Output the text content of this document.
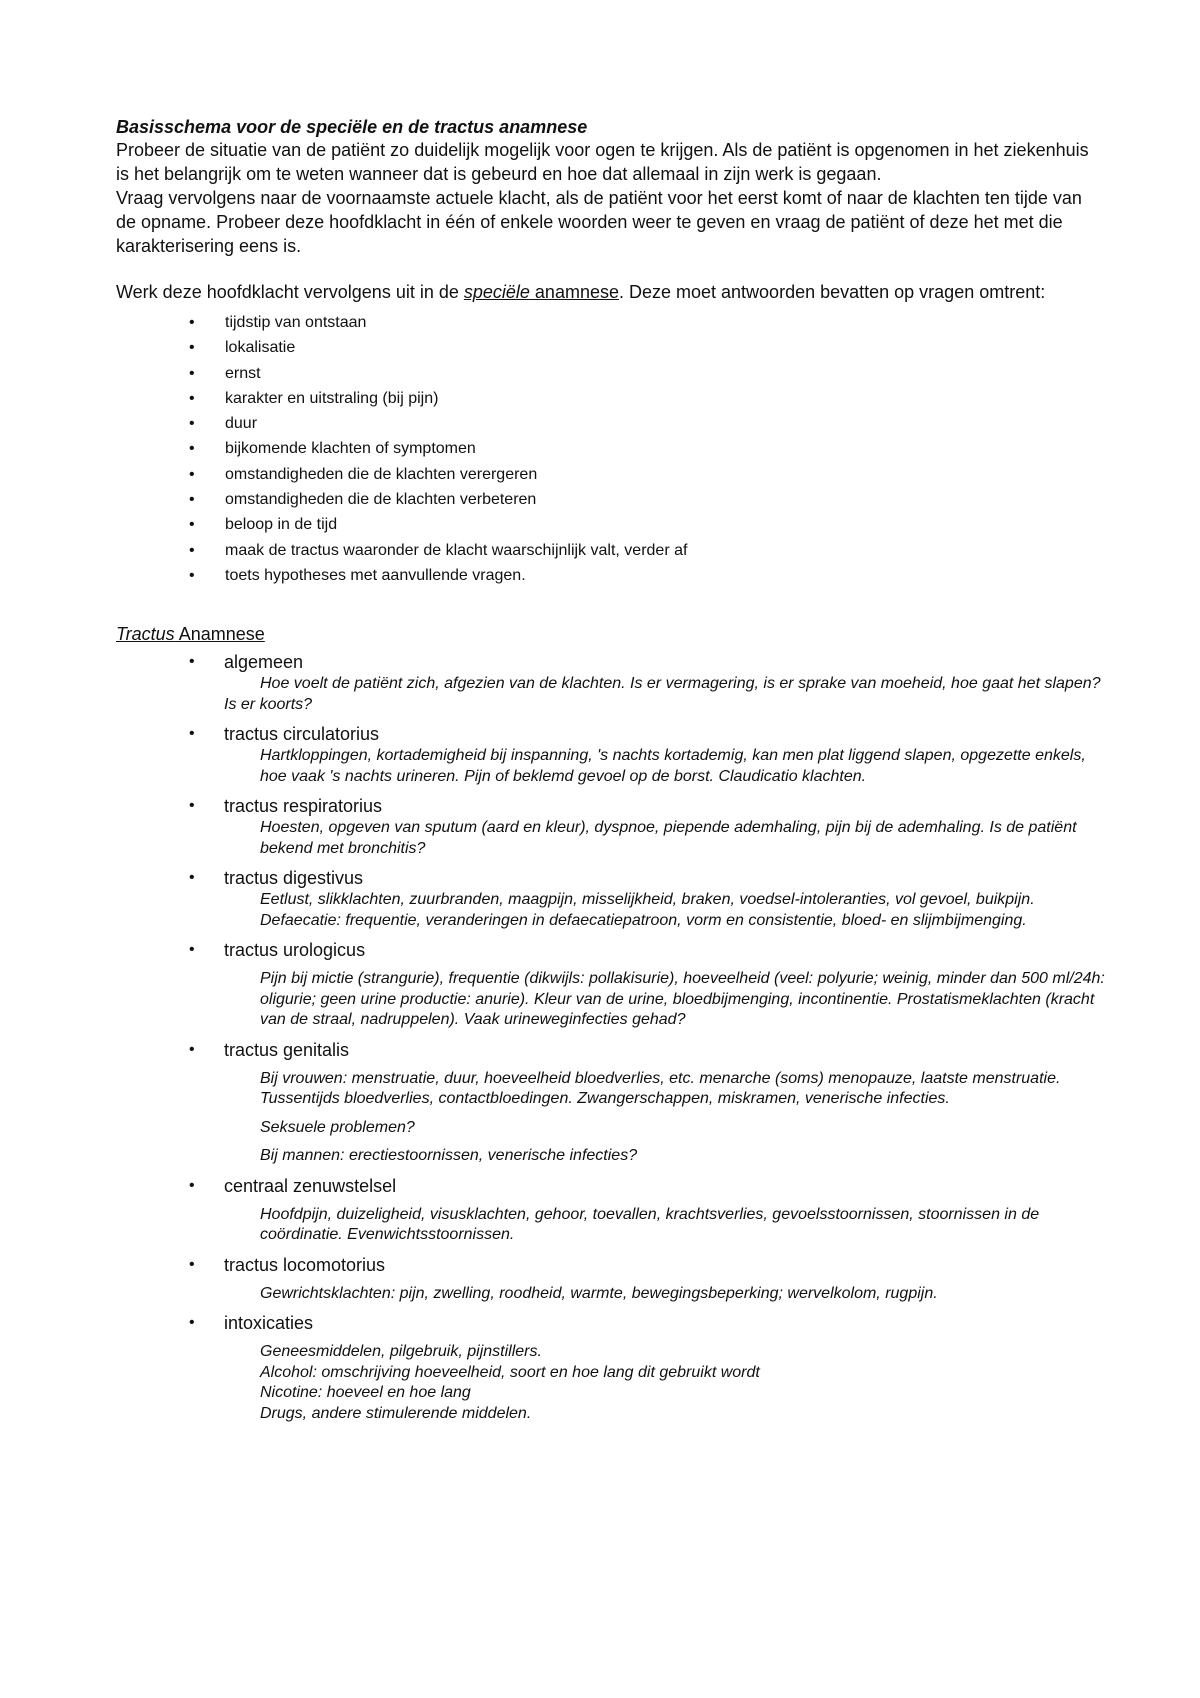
Basisschema voor de speciële en de tractus anamnese

Probeer de situatie van de patiënt zo duidelijk mogelijk voor ogen te krijgen. Als de patiënt is opgenomen in het ziekenhuis is het belangrijk om te weten wanneer dat is gebeurd en hoe dat allemaal in zijn werk is gegaan.

Vraag vervolgens naar de voornaamste actuele klacht, als de patiënt voor het eerst komt of naar de klachten ten tijde van de opname. Probeer deze hoofdklacht in één of enkele woorden weer te geven en vraag de patiënt of deze het met die karakterisering eens is.

Werk deze hoofdklacht vervolgens uit in de speciële anamnese. Deze moet antwoorden bevatten op vragen omtrent:

• tijdstip van ontstaan
• lokalisatie
• ernst
• karakter en uitstraling (bij pijn)
• duur
• bijkomende klachten of symptomen
• omstandigheden die de klachten verergeren
• omstandigheden die de klachten verbeteren
• beloop in de tijd
• maak de tractus waaronder de klacht waarschijnlijk valt, verder af
• toets hypotheses met aanvullende vragen.

Tractus Anamnese

• algemeen
Hoe voelt de patiënt zich, afgezien van de klachten. Is er vermagering, is er sprake van moeheid, hoe gaat het slapen? Is er koorts?
• tractus circulatorius
Hartkloppingen, kortademigheid bij inspanning, 's nachts kortademig, kan men plat liggend slapen, opgezette enkels, hoe vaak 's nachts urineren. Pijn of beklemd gevoel op de borst. Claudicatio klachten.
• tractus respiratorius
Hoesten, opgeven van sputum (aard en kleur), dyspnoe, piepende ademhaling, pijn bij de ademhaling. Is de patiënt bekend met bronchitis?
• tractus digestivus
Eetlust, slikklachten, zuurbranden, maagpijn, misselijkheid, braken, voedsel-intoleranties, vol gevoel, buikpijn. Defaecatie: frequentie, veranderingen in defaecatiepatroon, vorm en consistentie, bloed- en slijmbijmenging.
• tractus urologicus
Pijn bij mictie (strangurie), frequentie (dikwijls: pollakisurie), hoeveelheid (veel: polyurie; weinig, minder dan 500 ml/24h: oligurie; geen urine productie: anurie). Kleur van de urine, bloedbijmenging, incontinentie. Prostatismeklachten (kracht van de straal, nadruppelen). Vaak urineweginfecties gehad?
• tractus genitalis
Bij vrouwen: menstruatie, duur, hoeveelheid bloedverlies, etc. menarche (soms) menopauze, laatste menstruatie. Tussentijds bloedverlies, contactbloedingen. Zwangerschappen, miskramen, venerische infecties.
Seksuele problemen?
Bij mannen: erectiestoornissen, venerische infecties?
• centraal zenuwstelsel
Hoofdpijn, duizeligheid, visusklachten, gehoor, toevallen, krachtsverlies, gevoelsstoornissen, stoornissen in de coördinatie. Evenwichtsstoornissen.
• tractus locomotorius
Gewrichtsklachten: pijn, zwelling, roodheid, warmte, bewegingsbeperking; wervelkolom, rugpijn.
• intoxicaties
Geneesmiddelen, pilgebruik, pijnstillers.
Alcohol: omschrijving hoeveelheid, soort en hoe lang dit gebruikt wordt
Nicotine: hoeveel en hoe lang
Drugs, andere stimulerende middelen.
